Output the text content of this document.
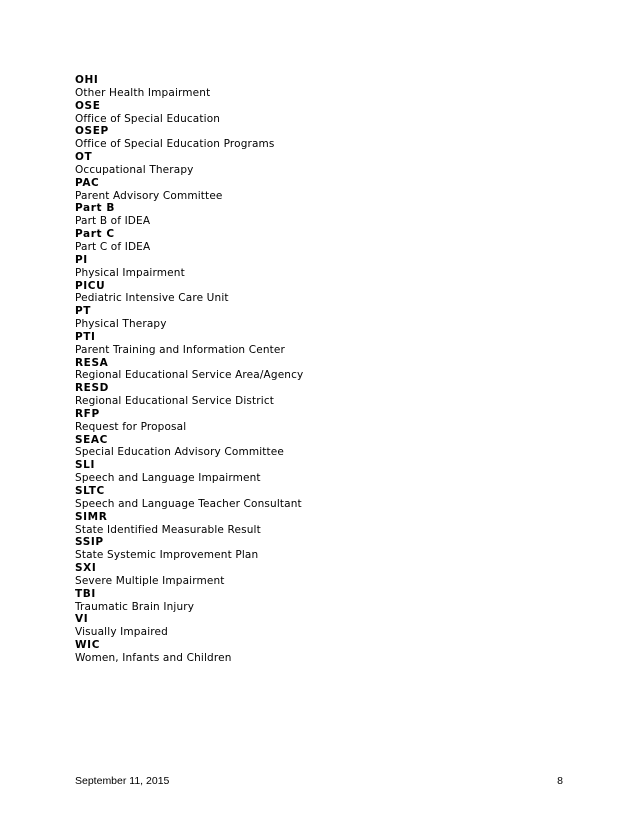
OHI
Other Health Impairment
OSE
Office of Special Education
OSEP
Office of Special Education Programs
OT
Occupational Therapy
PAC
Parent Advisory Committee
Part B
Part B of IDEA
Part C
Part C of IDEA
PI
Physical Impairment
PICU
Pediatric Intensive Care Unit
PT
Physical Therapy
PTI
Parent Training and Information Center
RESA
Regional Educational Service Area/Agency
RESD
Regional Educational Service District
RFP
Request for Proposal
SEAC
Special Education Advisory Committee
SLI
Speech and Language Impairment
SLTC
Speech and Language Teacher Consultant
SIMR
State Identified Measurable Result
SSIP
State Systemic Improvement Plan
SXI
Severe Multiple Impairment
TBI
Traumatic Brain Injury
VI
Visually Impaired
WIC
Women, Infants and Children
September 11, 2015	8
